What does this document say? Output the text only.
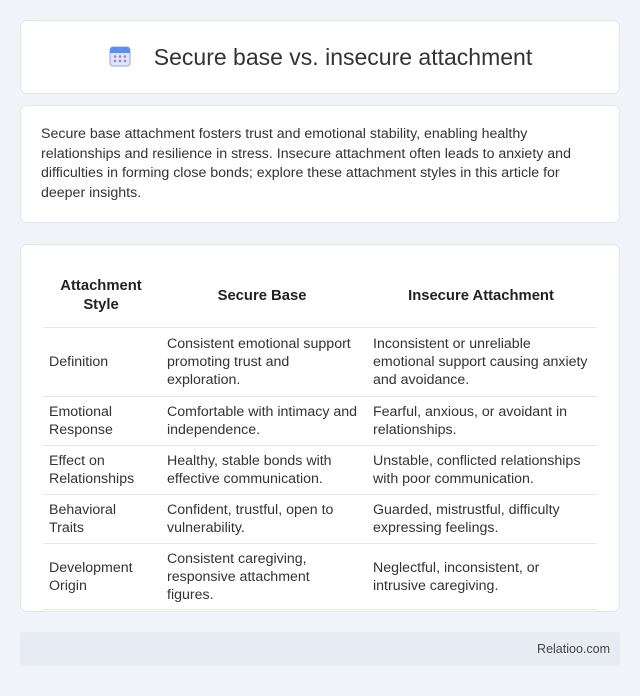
Secure base vs. insecure attachment

Secure base attachment fosters trust and emotional stability, enabling healthy relationships and resilience in stress. Insecure attachment often leads to anxiety and difficulties in forming close bonds; explore these attachment styles in this article for deeper insights.

Attachment Style	Secure Base	Insecure Attachment
Definition	Consistent emotional support promoting trust and exploration.	Inconsistent or unreliable emotional support causing anxiety and avoidance.
Emotional Response	Comfortable with intimacy and independence.	Fearful, anxious, or avoidant in relationships.
Effect on Relationships	Healthy, stable bonds with effective communication.	Unstable, conflicted relationships with poor communication.
Behavioral Traits	Confident, trustful, open to vulnerability.	Guarded, mistrustful, difficulty expressing feelings.
Development Origin	Consistent caregiving, responsive attachment figures.	Neglectful, inconsistent, or intrusive caregiving.
Relatioo.com
